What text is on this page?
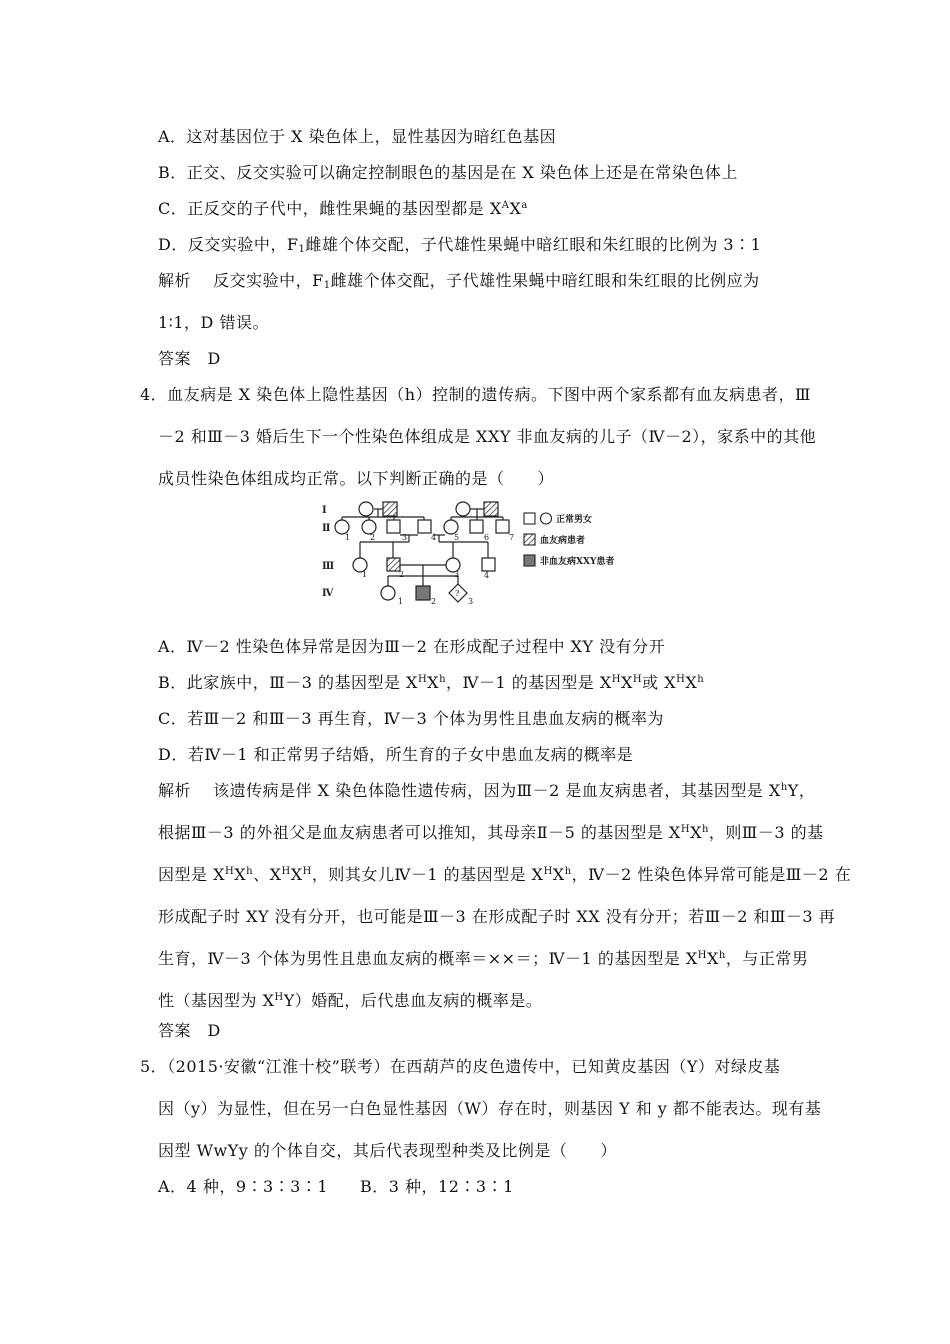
A．这对基因位于 X 染色体上，显性基因为暗红色基因
B．正交、反交实验可以确定控制眼色的基因是在 X 染色体上还是在常染色体上
C．正反交的子代中，雌性果蝇的基因型都是 $X^AX^a$
D．反交实验中，$F_1$雌雄个体交配，子代雄性果蝇中暗红眼和朱红眼的比例为 3∶1
解析　 反交实验中，$F_1$雌雄个体交配，子代雄性果蝇中暗红眼和朱红眼的比例应为
1∶1，D 错误。
答案　D
4．血友病是 X 染色体上隐性基因（h）控制的遗传病。下图中两个家系都有血友病患者，Ⅲ
－2 和Ⅲ－3 婚后生下一个性染色体组成是 XXY 非血友病的儿子（Ⅳ－2），家系中的其他
成员性染色体组成均正常。以下判断正确的是（　　）
Ⅰ
Ⅱ
Ⅲ
Ⅳ
1 2	3	4 5	6 7
1	2	3	4
1	2	3
?
正常男女
血友病患者
非血友病XXY患者
A．Ⅳ－2 性染色体异常是因为Ⅲ－2 在形成配子过程中 XY 没有分开
B．此家族中，Ⅲ－3 的基因型是 $X^HX^h$，Ⅳ－1 的基因型是 $X^HX^H$或 $X^HX^h$
C．若Ⅲ－2 和Ⅲ－3 再生育，Ⅳ－3 个体为男性且患血友病的概率为
D．若Ⅳ－1 和正常男子结婚，所生育的子女中患血友病的概率是
解析　 该遗传病是伴 X 染色体隐性遗传病，因为Ⅲ－2 是血友病患者，其基因型是 $X^hY$，
根据Ⅲ－3 的外祖父是血友病患者可以推知，其母亲Ⅱ－5 的基因型是 $X^HX^h$，则Ⅲ－3 的基
因型是 $X^HX^h$、$X^HX^H$，则其女儿Ⅳ－1 的基因型是 $X^HX^h$，Ⅳ－2 性染色体异常可能是Ⅲ－2 在
形成配子时 XY 没有分开，也可能是Ⅲ－3 在形成配子时 XX 没有分开；若Ⅲ－2 和Ⅲ－3 再
生育，Ⅳ－3 个体为男性且患血友病的概率＝××＝；Ⅳ－1 的基因型是 $X^HX^h$，与正常男
性（基因型为 $X^HY$）婚配，后代患血友病的概率是。
答案　D
5．（2015·安徽“江淮十校”联考）在西葫芦的皮色遗传中，已知黄皮基因（Y）对绿皮基
因（y）为显性，但在另一白色显性基因（W）存在时，则基因 Y 和 y 都不能表达。现有基
因型 WwYy 的个体自交，其后代表现型种类及比例是（　　）
A．4 种，9∶3∶3∶1 B．3 种，12∶3∶1
